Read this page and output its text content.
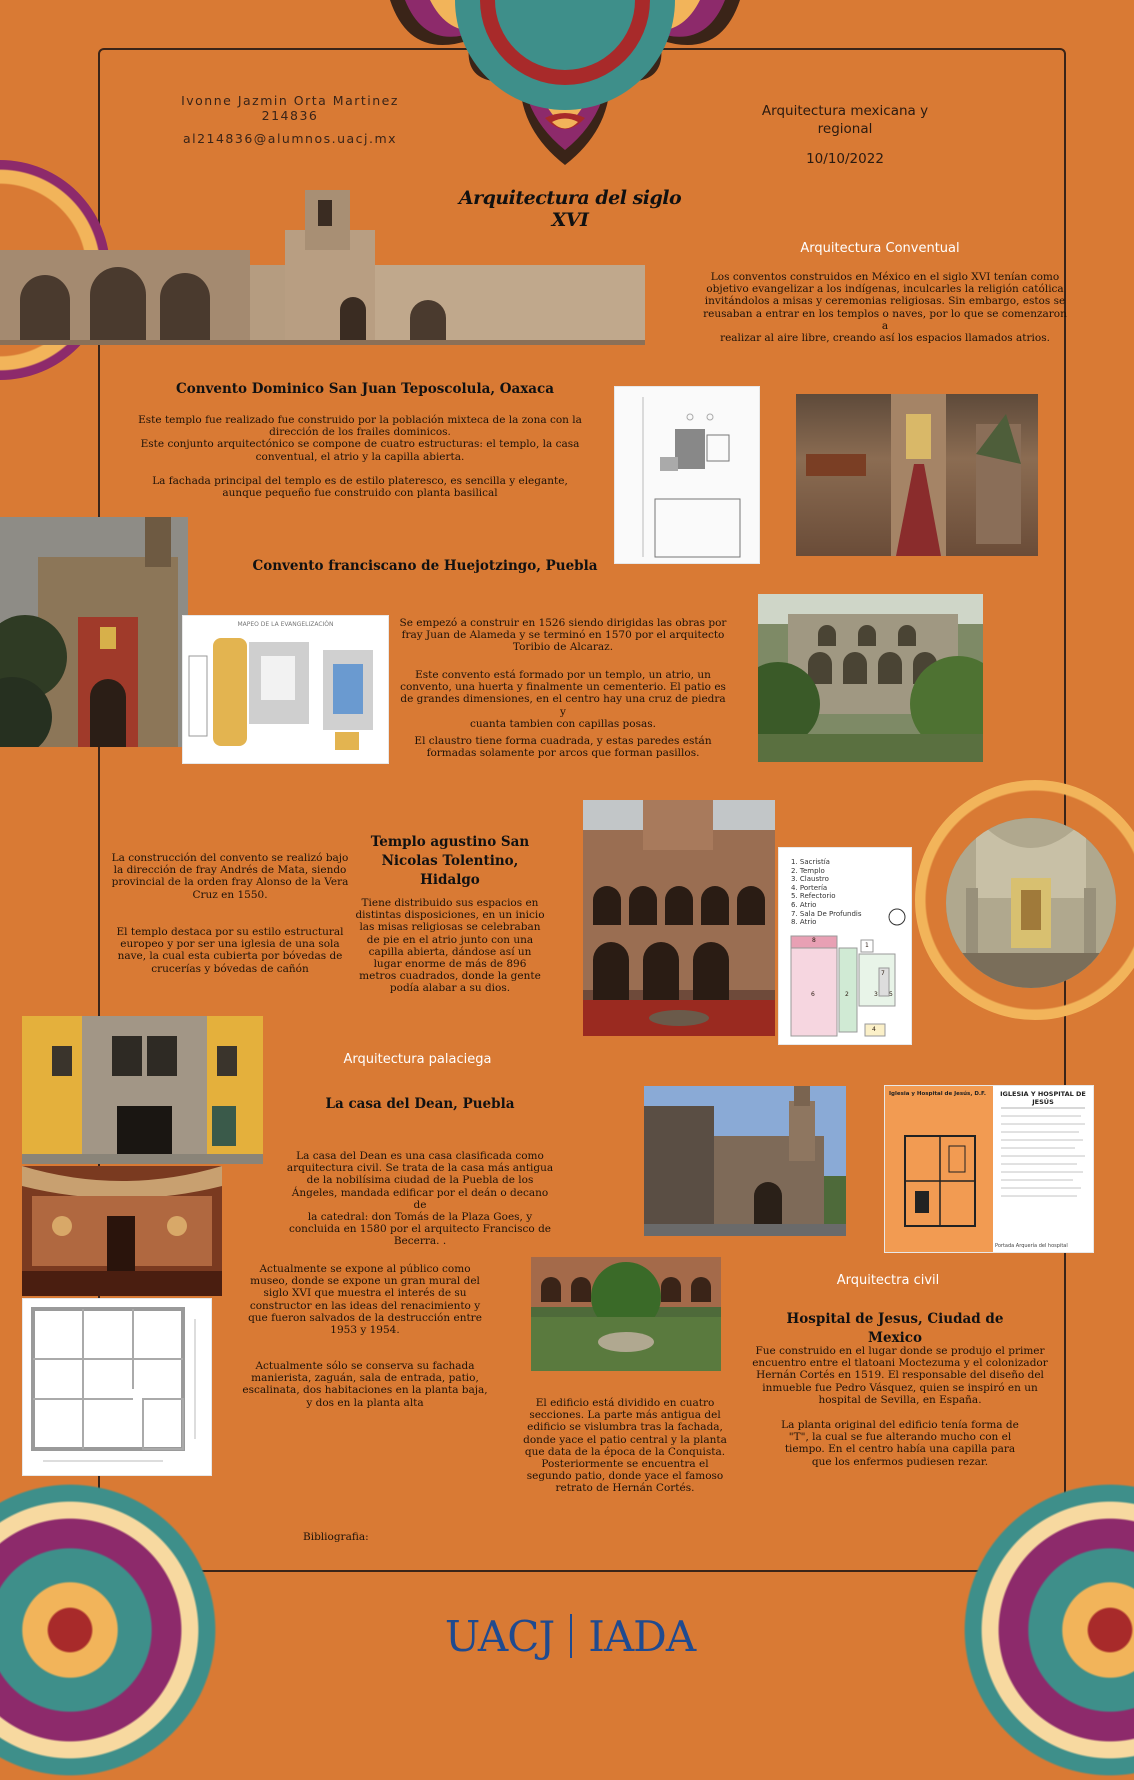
Ivonne Jazmin Orta Martinez
214836
al214836@alumnos.uacj.mx
Arquitectura mexicana y
regional
10/10/2022
Arquitectura del siglo XVI
Arquitectura Conventual
Los conventos construidos en México en el siglo XVI tenían como
objetivo evangelizar a los indígenas, inculcarles la religión católica
invitándolos a misas y ceremonias religiosas. Sin embargo, estos se
reusaban a entrar en los templos o naves, por lo que se comenzaron a
realizar al aire libre, creando así los espacios llamados atrios.
Convento Dominico San Juan Teposcolula, Oaxaca
Este templo fue realizado fue construido por la población mixteca de la zona con la
dirección de los frailes dominicos.
Este conjunto arquitectónico se compone de cuatro estructuras: el templo, la casa
conventual, el atrio y la capilla abierta.

La fachada principal del templo es de estilo plateresco, es sencilla y elegante,
aunque pequeño fue construido con planta basilical
Convento franciscano de Huejotzingo, Puebla
MAPEO DE LA EVANGELIZACIÓN	Se empezó a construir en 1526 siendo dirigidas las obras por
fray Juan de Alameda y se terminó en 1570 por el arquitecto
Toribio de Alcaraz.
Este convento está formado por un templo, un atrio, un
convento, una huerta y finalmente un cementerio. El patio es
de grandes dimensiones, en el centro hay una cruz de piedra y
cuanta tambien con capillas posas.
El claustro tiene forma cuadrada, y estas paredes están
formadas solamente por arcos que forman pasillos.
La construcción del convento se realizó bajo
la dirección de fray Andrés de Mata, siendo
provincial de la orden fray Alonso de la Vera
Cruz en 1550.
El templo destaca por su estilo estructural
europeo y por ser una iglesia de una sola
nave, la cual esta cubierta por bóvedas de
crucerías y bóvedas de cañón
Templo agustino San
Nicolas Tolentino, Hidalgo
Tiene distribuido sus espacios en
distintas disposiciones, en un inicio
las misas religiosas se celebraban
de pie en el atrio junto con una
capilla abierta, dándose así un
lugar enorme de más de 896
metros cuadrados, donde la gente
podía alabar a su dios.
1. Sacristía
2. Templo
3. Claustro
4. Portería
5. Refectorio
6. Atrio
7. Sala De Profundis
8. Atrio
8
1
7
6	2	3 5
4
Arquitectura palaciega
La casa del Dean, Puebla
La casa del Dean es una casa clasificada como
arquitectura civil. Se trata de la casa más antigua
de la nobilísima ciudad de la Puebla de los
Ángeles, mandada edificar por el deán o decano de
la catedral: don Tomás de la Plaza Goes, y
concluida en 1580 por el arquitecto Francisco de
Becerra. .
Actualmente se expone al público como
museo, donde se expone un gran mural del
siglo XVI que muestra el interés de su
constructor en las ideas del renacimiento y
que fueron salvados de la destrucción entre
1953 y 1954.
Actualmente sólo se conserva su fachada
manierista, zaguán, sala de entrada, patio,
escalinata, dos habitaciones en la planta baja,
y dos en la planta alta	El edificio está dividido en cuatro
secciones. La parte más antigua del
edificio se vislumbra tras la fachada,
donde yace el patio central y la planta
que data de la época de la Conquista.
Posteriormente se encuentra el
segundo patio, donde yace el famoso
retrato de Hernán Cortés.
Iglesia y Hospital de Jesús, D.F.	IGLESIA Y HOSPITAL DE JESÚS
Portada Arquería del hospital
Arquitectra civil
Hospital de Jesus, Ciudad de Mexico
Fue construido en el lugar donde se produjo el primer
encuentro entre el tlatoani Moctezuma y el colonizador
Hernán Cortés en 1519. El responsable del diseño del
inmueble fue Pedro Vásquez, quien se inspiró en un
hospital de Sevilla, en España.
La planta original del edificio tenía forma de
"T", la cual se fue alterando mucho con el
tiempo. En el centro había una capilla para
que los enfermos pudiesen rezar.
Bibliografia:
UACJ IADA
